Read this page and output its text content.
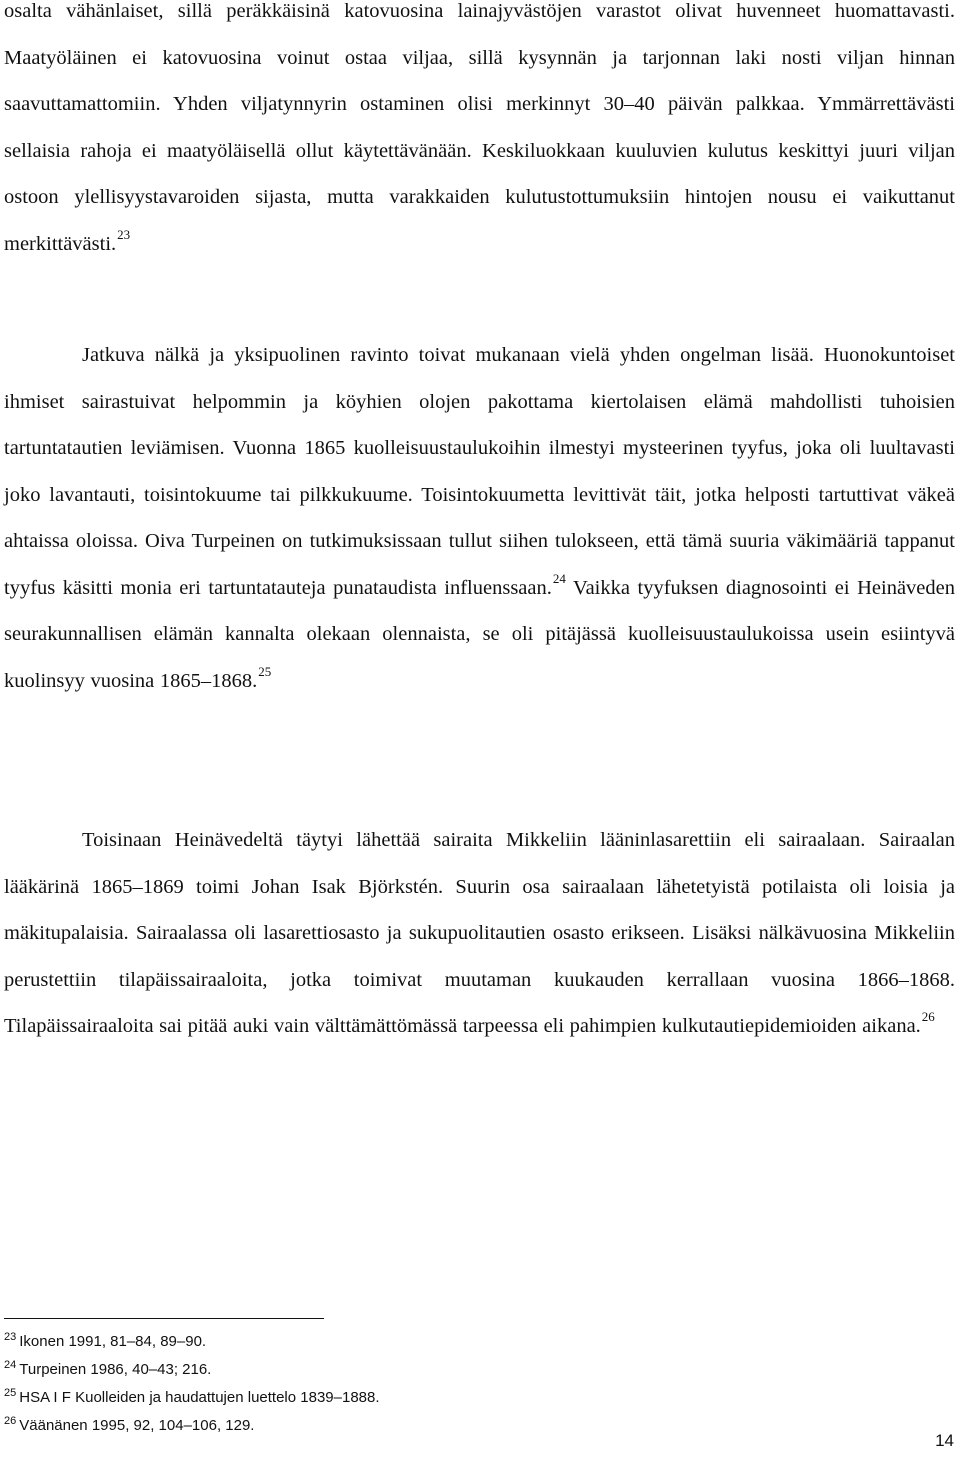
osalta vähänlaiset, sillä peräkkäisinä katovuosina lainajyvästöjen varastot olivat huvenneet huomattavasti. Maatyöläinen ei katovuosina voinut ostaa viljaa, sillä kysynnän ja tarjonnan laki nosti viljan hinnan saavuttamattomiin. Yhden viljatynnyrin ostaminen olisi merkinnyt 30–40 päivän palkkaa. Ymmärrettävästi sellaisia rahoja ei maatyöläisellä ollut käytettävänään. Keskiluokkaan kuuluvien kulutus keskittyi juuri viljan ostoon ylellisyystavaroiden sijasta, mutta varakkaiden kulutustottumuksiin hintojen nousu ei vaikuttanut merkittävästi.$^{23}$

Jatkuva nälkä ja yksipuolinen ravinto toivat mukanaan vielä yhden ongelman lisää. Huonokuntoiset ihmiset sairastuivat helpommin ja köyhien olojen pakottama kiertolaisen elämä mahdollisti tuhoisien tartuntatautien leviämisen. Vuonna 1865 kuolleisuustaulukoihin ilmestyi mysteerinen tyyfus, joka oli luultavasti joko lavantauti, toisintokuume tai pilkkukuume. Toisintokuumetta levittivät täit, jotka helposti tartuttivat väkeä ahtaissa oloissa. Oiva Turpeinen on tutkimuksissaan tullut siihen tulokseen, että tämä suuria väkimääriä tappanut tyyfus käsitti monia eri tartuntatauteja punataudista influenssaan.$^{24}$ Vaikka tyyfuksen diagnosointi ei Heinäveden seurakunnallisen elämän kannalta olekaan olennaista, se oli pitäjässä kuolleisuustaulukoissa usein esiintyvä kuolinsyy vuosina 1865–1868.25

Toisinaan Heinävedeltä täytyi lähettää sairaita Mikkeliin lääninlasarettiin eli sairaalaan. Sairaalan lääkärinä 1865–1869 toimi Johan Isak Björkstén. Suurin osa sairaalaan lähetetyistä potilaista oli loisia ja mäkitupalaisia. Sairaalassa oli lasarettiosasto ja sukupuolitautien osasto erikseen. Lisäksi nälkävuosina Mikkeliin perustettiin tilapäissairaaloita, jotka toimivat muutaman kuukauden kerrallaan vuosina 1866–1868. Tilapäissairaaloita sai pitää auki vain välttämättömässä tarpeessa eli pahimpien kulkutautiepidemioiden aikana.$^{26}$

$^{23}$ Ikonen 1991, 81–84, 89–90.

$^{24}$ Turpeinen 1986, 40–43; 216.

$^{25}$ HSA I F Kuolleiden ja haudattujen luettelo 1839–1888.

$^{26}$ Väänänen 1995, 92, 104–106, 129.

14
